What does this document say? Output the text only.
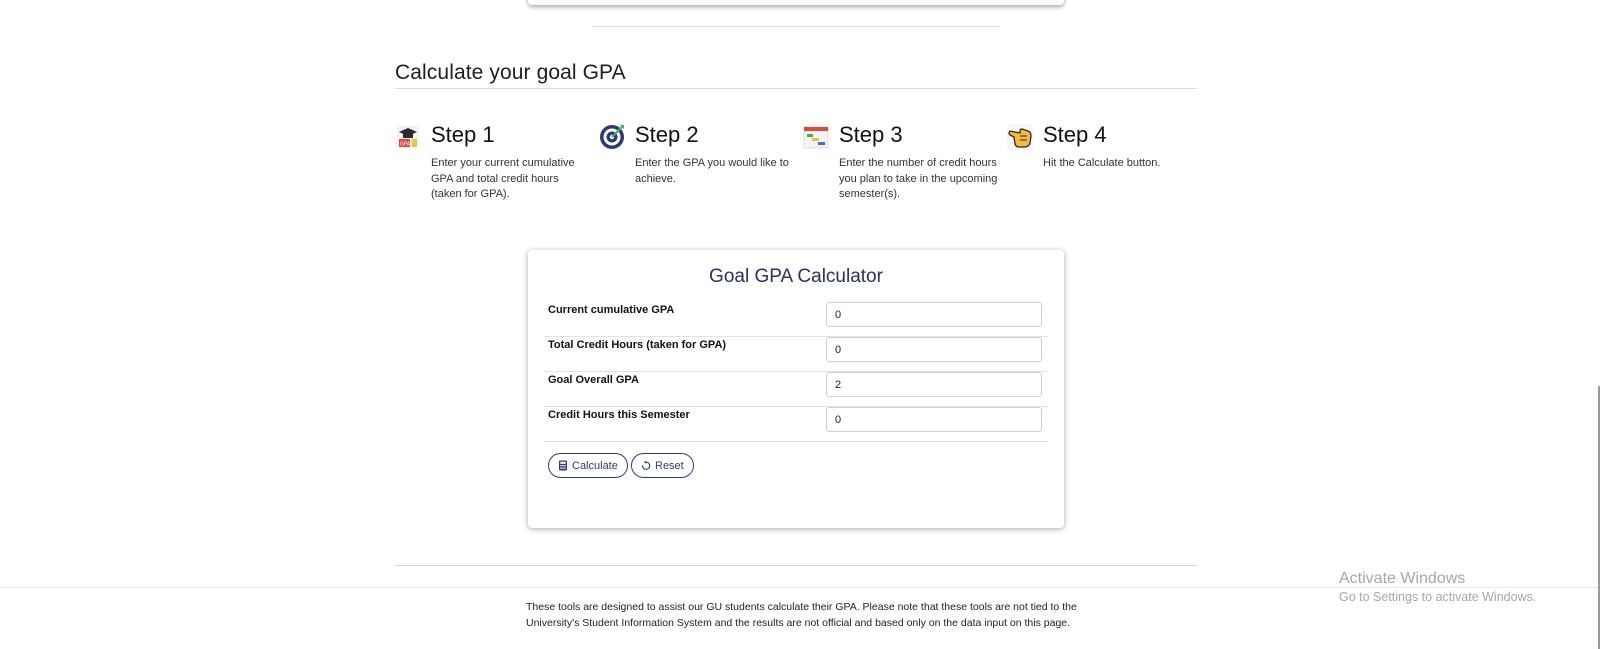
Calculate your goal GPA
GPA Step 1
Enter your current cumulative GPA and total credit hours (taken for GPA).
Step 2
Enter the GPA you would like to achieve.
Step 3
Enter the number of credit hours you plan to take in the upcoming semester(s).
Step 4
Hit the Calculate button.
Goal GPA Calculator
Current cumulative GPA
0
Total Credit Hours (taken for GPA)
0
Goal Overall GPA
2
Credit Hours this Semester
0
Calculate	Reset
These tools are designed to assist our GU students calculate their GPA. Please note that these tools are not tied to the
University's Student Information System and the results are not official and based only on the data input on this page.
Activate Windows
Go to Settings to activate Windows.
